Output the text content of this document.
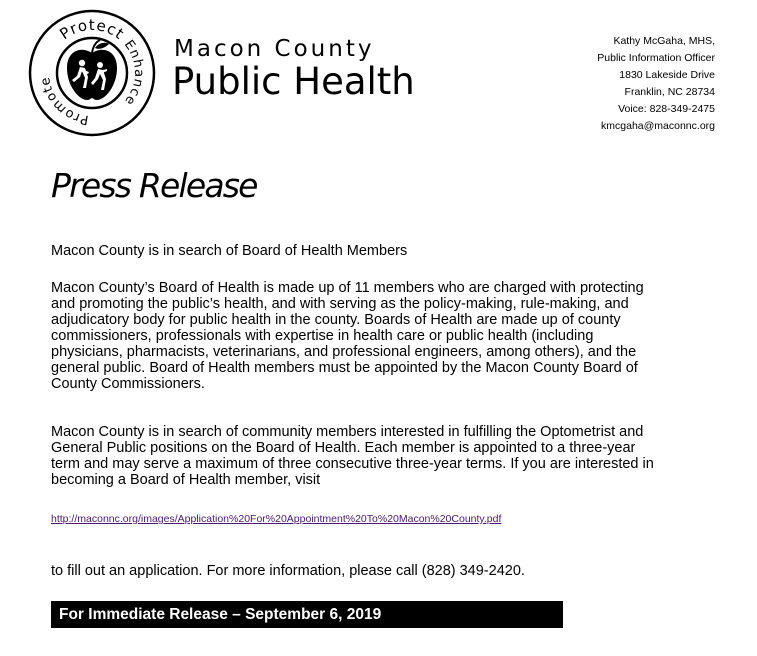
Protect
Enhance
Promote
Macon County
Public Health
Kathy McGaha, MHS,
Public Information Officer
1830 Lakeside Drive
Franklin, NC 28734
Voice: 828-349-2475
kmcgaha@maconnc.org
Press Release
Macon County is in search of Board of Health Members
Macon County’s Board of Health is made up of 11 members who are charged with protecting
and promoting the public’s health, and with serving as the policy-making, rule-making, and
adjudicatory body for public health in the county. Boards of Health are made up of county
commissioners, professionals with expertise in health care or public health (including
physicians, pharmacists, veterinarians, and professional engineers, among others), and the
general public. Board of Health members must be appointed by the Macon County Board of
County Commissioners.
Macon County is in search of community members interested in fulfilling the Optometrist and
General Public positions on the Board of Health. Each member is appointed to a three-year
term and may serve a maximum of three consecutive three-year terms. If you are interested in
becoming a Board of Health member, visit
http://maconnc.org/images/Application%20For%20Appointment%20To%20Macon%20County.pdf
to fill out an application. For more information, please call (828) 349-2420.
For Immediate Release – September 6, 2019
